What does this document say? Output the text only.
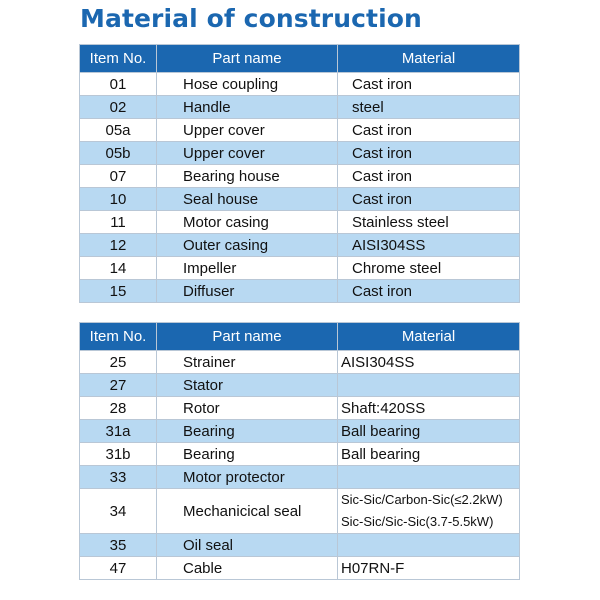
Material of construction
Item No.	Part name	Material
01	Hose coupling	Cast iron
02	Handle	steel
05a	Upper cover	Cast iron
05b	Upper cover	Cast iron
07	Bearing house	Cast iron
10	Seal house	Cast iron
11	Motor casing	Stainless steel
12	Outer casing	AISI304SS
14	Impeller	Chrome steel
15	Diffuser	Cast iron
Item No.	Part name	Material
25	Strainer	AISI304SS
27	Stator	
28	Rotor	Shaft:420SS
31a	Bearing	Ball bearing
31b	Bearing	Ball bearing
33	Motor protector	
34	Mechanicical seal	Sic-Sic/Carbon-Sic(≤2.2kW)
Sic-Sic/Sic-Sic(3.7-5.5kW)

35	Oil seal	
47	Cable	H07RN-F
